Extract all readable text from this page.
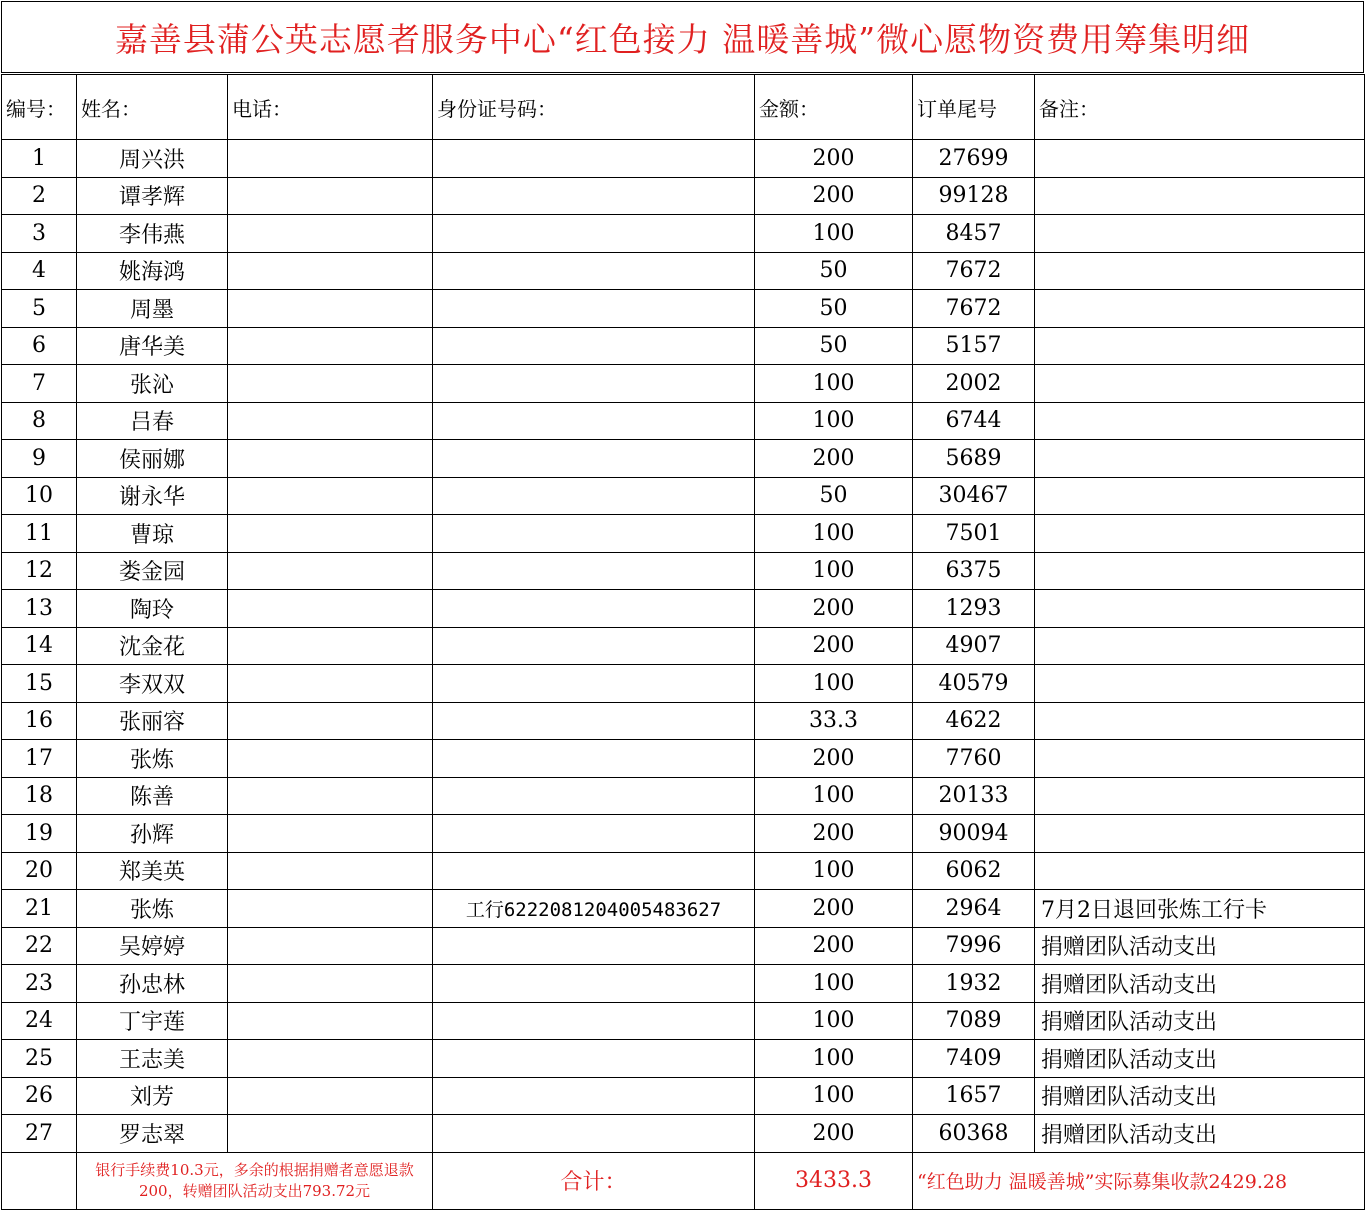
嘉善县蒲公英志愿者服务中心“红色接力 温暖善城”微心愿物资费用筹集明细
编号：	姓名：	电话：	身份证号码：	金额：	订单尾号	备注：
1	周兴洪			200	27699	
2	谭孝辉			200	99128	
3	李伟燕			100	8457	
4	姚海鸿			50	7672	
5	周墨			50	7672	
6	唐华美			50	5157	
7	张沁			100	2002	
8	吕春			100	6744	
9	侯丽娜			200	5689	
10	谢永华			50	30467	
11	曹琼			100	7501	
12	娄金园			100	6375	
13	陶玲			200	1293	
14	沈金花			200	4907	
15	李双双			100	40579	
16	张丽容			33.3	4622	
17	张炼			200	7760	
18	陈善			100	20133	
19	孙辉			200	90094	
20	郑美英			100	6062	
21	张炼		工行6222081204005483627	200	2964	7月2日退回张炼工行卡
22	吴婷婷			200	7996	捐赠团队活动支出
23	孙忠林			100	1932	捐赠团队活动支出
24	丁宇莲			100	7089	捐赠团队活动支出
25	王志美			100	7409	捐赠团队活动支出
26	刘芳			100	1657	捐赠团队活动支出
27	罗志翠			200	60368	捐赠团队活动支出
	银行手续费10.3元，多余的根据捐赠者意愿退款200，转赠团队活动支出793.72元		合计：	3433.3	“红色助力 温暖善城”实际募集收款2429.28	
